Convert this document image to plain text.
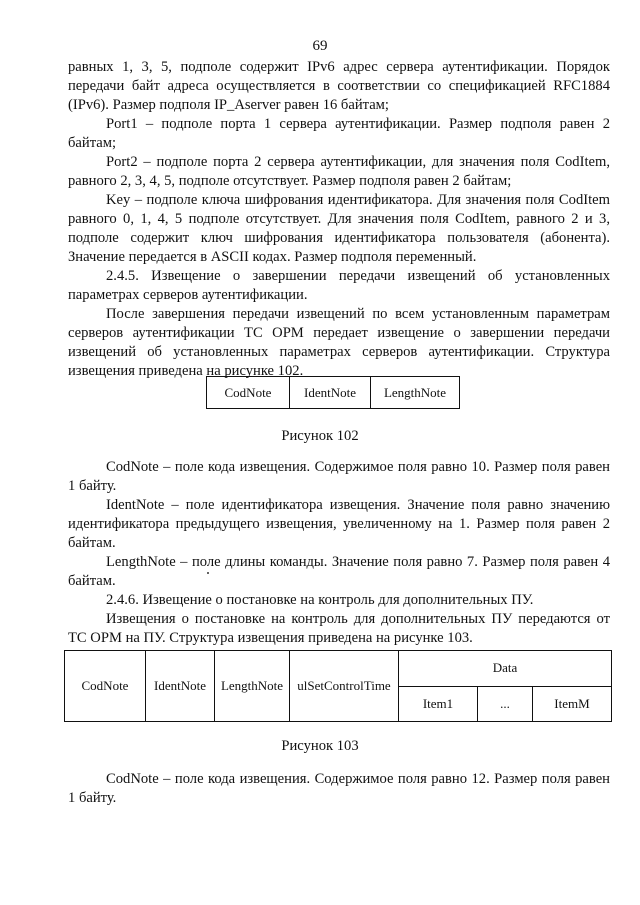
69

равных 1, 3, 5, подполе содержит IPv6 адрес сервера аутентификации. Порядок передачи байт адреса осуществляется в соответствии со спецификацией RFC1884 (IPv6). Размер подполя IP_Aserver равен 16 байтам;

Port1 – подполе порта 1 сервера аутентификации. Размер подполя равен 2 байтам;

Port2 – подполе порта 2 сервера аутентификации, для значения поля CodItem, равного 2, 3, 4, 5, подполе отсутствует. Размер подполя равен 2 байтам;

Key – подполе ключа шифрования идентификатора. Для значения поля CodItem равного 0, 1, 4, 5 подполе отсутствует. Для значения поля CodItem, равного 2 и 3, подполе содержит ключ шифрования идентификатора пользователя (абонента). Значение передается в ASCII кодах. Размер подполя переменный.

2.4.5. Извещение о завершении передачи извещений об установленных параметрах серверов аутентификации.

После завершения передачи извещений по всем установленным параметрам серверов аутентификации ТС ОРМ передает извещение о завершении передачи извещений об установленных параметрах серверов аутентификации. Структура извещения приведена на рисунке 102.

CodNote	IdentNote	LengthNote
Рисунок 102

CodNote – поле кода извещения. Содержимое поля равно 10. Размер поля равен 1 байту.

IdentNote – поле идентификатора извещения. Значение поля равно значению идентификатора предыдущего извещения, увеличенному на 1. Размер поля равен 2 байтам.

LengthNote – поле длины команды. Значение поля равно 7. Размер поля равен 4 байтам.

2.4.6. Извещение о постановке на контроль для дополнительных ПУ.

Извещения о постановке на контроль для дополнительных ПУ передаются от ТС ОРМ на ПУ. Структура извещения приведена на рисунке 103.

CodNote	IdentNote	LengthNote	ulSetControlTime	Data		
				Item1	...	ItemM
Рисунок 103

CodNote – поле кода извещения. Содержимое поля равно 12. Размер поля равен 1 байту.
